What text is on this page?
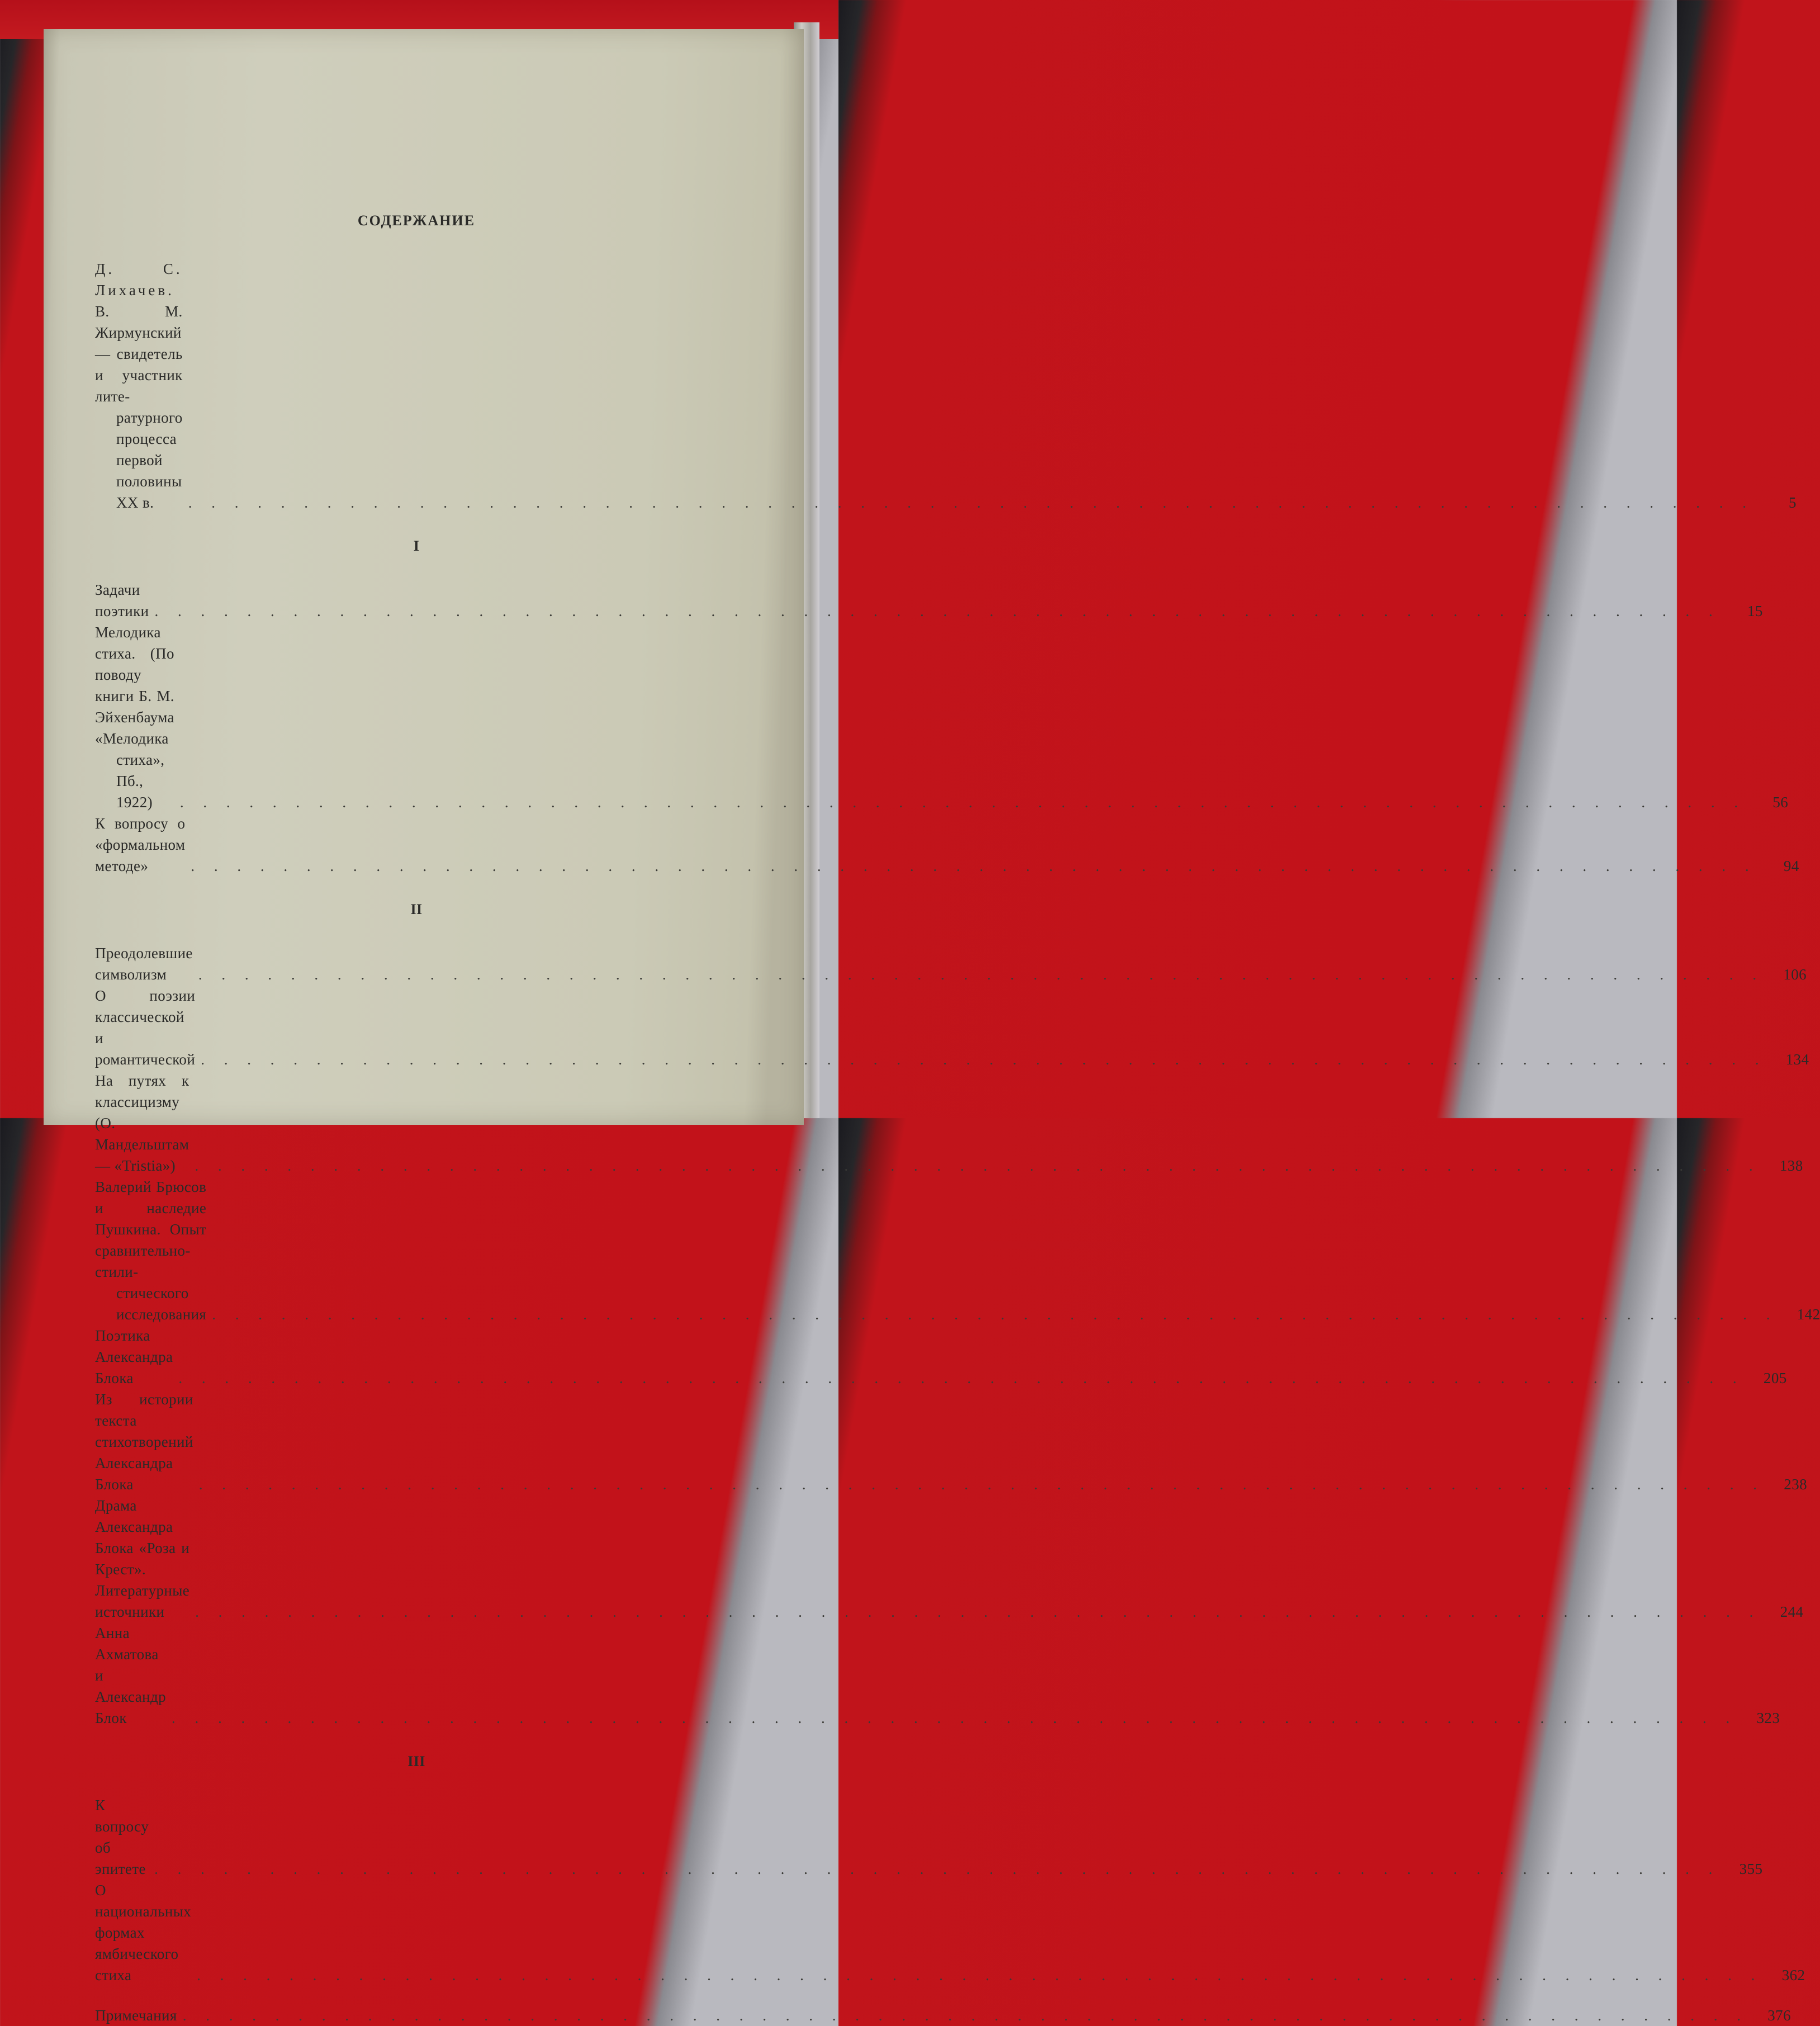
СОДЕРЖАНИЕ
Д. С. Лихачев. В. М. Жирмунский — свидетель и участник лите-
ратурного процесса первой половины XX в.	. . . . . . . . . . . . . . . . . . . . . . . . . . . . . . . . . . . . . . . . . . . . . . . . . . . . . . . . . . . . . . . . . . . .	5
I
Задачи поэтики . . . . . . . . . . . . . . . . . . . . . . . . . . . . . . . . . . . . . . . . . . . . . . . . . . . . . . . . . . . . . . . . . . . .	15
Мелодика стиха. (По поводу книги Б. М. Эйхенбаума «Мелодика
стиха», Пб., 1922)	. . . . . . . . . . . . . . . . . . . . . . . . . . . . . . . . . . . . . . . . . . . . . . . . . . . . . . . . . . . . . . . . . . . .	56
К вопросу о «формальном методе»	. . . . . . . . . . . . . . . . . . . . . . . . . . . . . . . . . . . . . . . . . . . . . . . . . . . . . . . . . . . . . . . . . . . .	94
II
Преодолевшие символизм	. . . . . . . . . . . . . . . . . . . . . . . . . . . . . . . . . . . . . . . . . . . . . . . . . . . . . . . . . . . . . . . . . . . .	106
О поэзии классической и романтической . . . . . . . . . . . . . . . . . . . . . . . . . . . . . . . . . . . . . . . . . . . . . . . . . . . . . . . . . . . . . . . . . . . .	134
На путях к классицизму (О. Мандельштам — «Tristia»)	. . . . . . . . . . . . . . . . . . . . . . . . . . . . . . . . . . . . . . . . . . . . . . . . . . . . . . . . . . . . . . . . . . . .	138
Валерий Брюсов и наследие Пушкина. Опыт сравнительно-стили-
стического исследования . . . . . . . . . . . . . . . . . . . . . . . . . . . . . . . . . . . . . . . . . . . . . . . . . . . . . . . . . . . . . . . . . . . .	142
Поэтика Александра Блока	. . . . . . . . . . . . . . . . . . . . . . . . . . . . . . . . . . . . . . . . . . . . . . . . . . . . . . . . . . . . . . . . . . . .	205
Из истории текста стихотворений Александра Блока	. . . . . . . . . . . . . . . . . . . . . . . . . . . . . . . . . . . . . . . . . . . . . . . . . . . . . . . . . . . . . . . . . . . .	238
Драма Александра Блока «Роза и Крест». Литературные источники	. . . . . . . . . . . . . . . . . . . . . . . . . . . . . . . . . . . . . . . . . . . . . . . . . . . . . . . . . . . . . . . . . . . .	244
Анна Ахматова и Александр Блок	. . . . . . . . . . . . . . . . . . . . . . . . . . . . . . . . . . . . . . . . . . . . . . . . . . . . . . . . . . . . . . . . . . . .	323
III
К вопросу об эпитете . . . . . . . . . . . . . . . . . . . . . . . . . . . . . . . . . . . . . . . . . . . . . . . . . . . . . . . . . . . . . . . . . . . .	355
О национальных формах ямбического стиха	. . . . . . . . . . . . . . . . . . . . . . . . . . . . . . . . . . . . . . . . . . . . . . . . . . . . . . . . . . . . . . . . . . . .	362
Примечания . . . . . . . . . . . . . . . . . . . . . . . . . . . . . . . . . . . . . . . . . . . . . . . . . . . . . . . . . . . . . . . . . . . .	376
